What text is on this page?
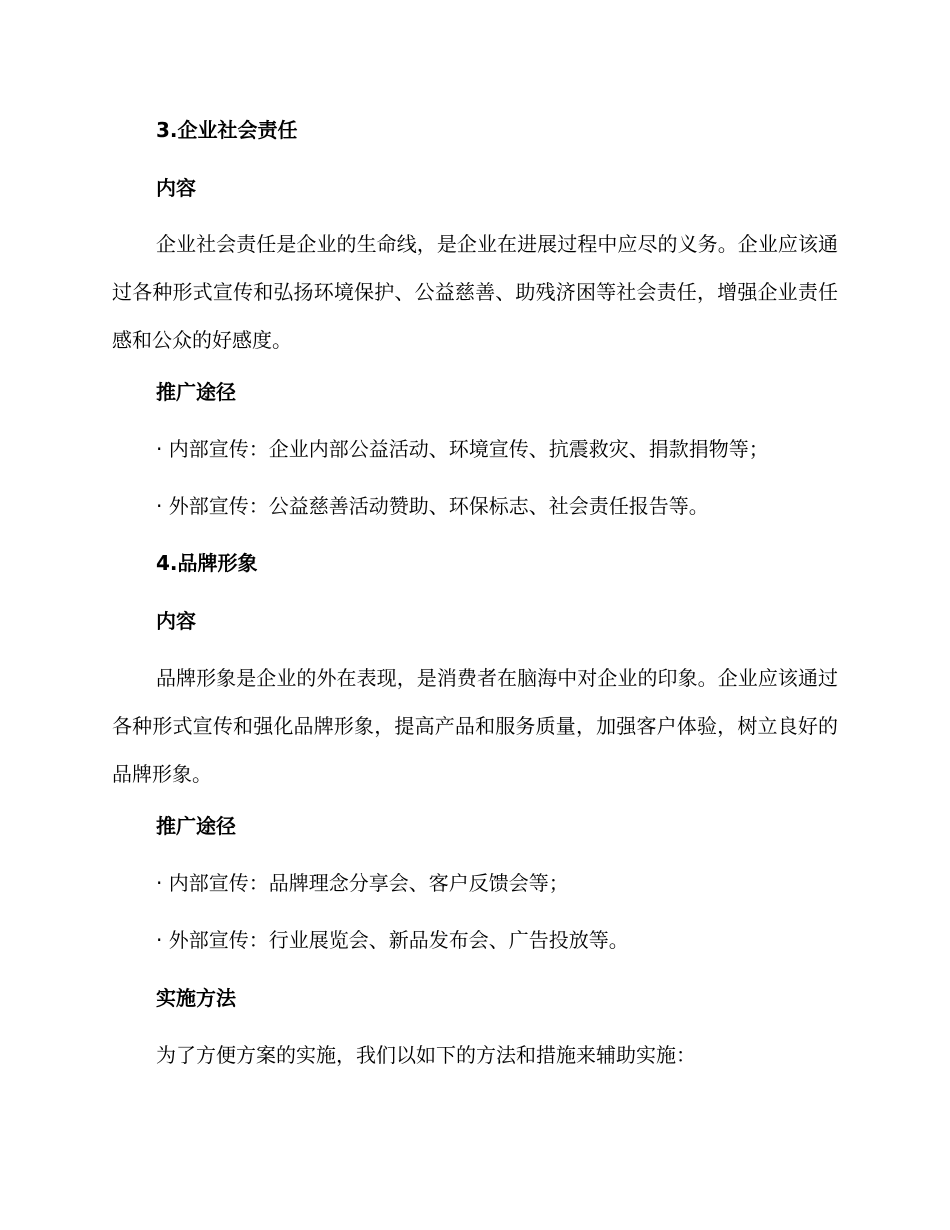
3.企业社会责任
内容

企业社会责任是企业的生命线，是企业在进展过程中应尽的义务。企业应该通过各种形式宣传和弘扬环境保护、公益慈善、助残济困等社会责任，增强企业责任感和公众的好感度。

推广途径
· 内部宣传：企业内部公益活动、环境宣传、抗震救灾、捐款捐物等；
· 外部宣传：公益慈善活动赞助、环保标志、社会责任报告等。
4.品牌形象
内容

品牌形象是企业的外在表现，是消费者在脑海中对企业的印象。企业应该通过各种形式宣传和强化品牌形象，提高产品和服务质量，加强客户体验，树立良好的品牌形象。

推广途径
· 内部宣传：品牌理念分享会、客户反馈会等；
· 外部宣传：行业展览会、新品发布会、广告投放等。
实施方法
为了方便方案的实施，我们以如下的方法和措施来辅助实施：
